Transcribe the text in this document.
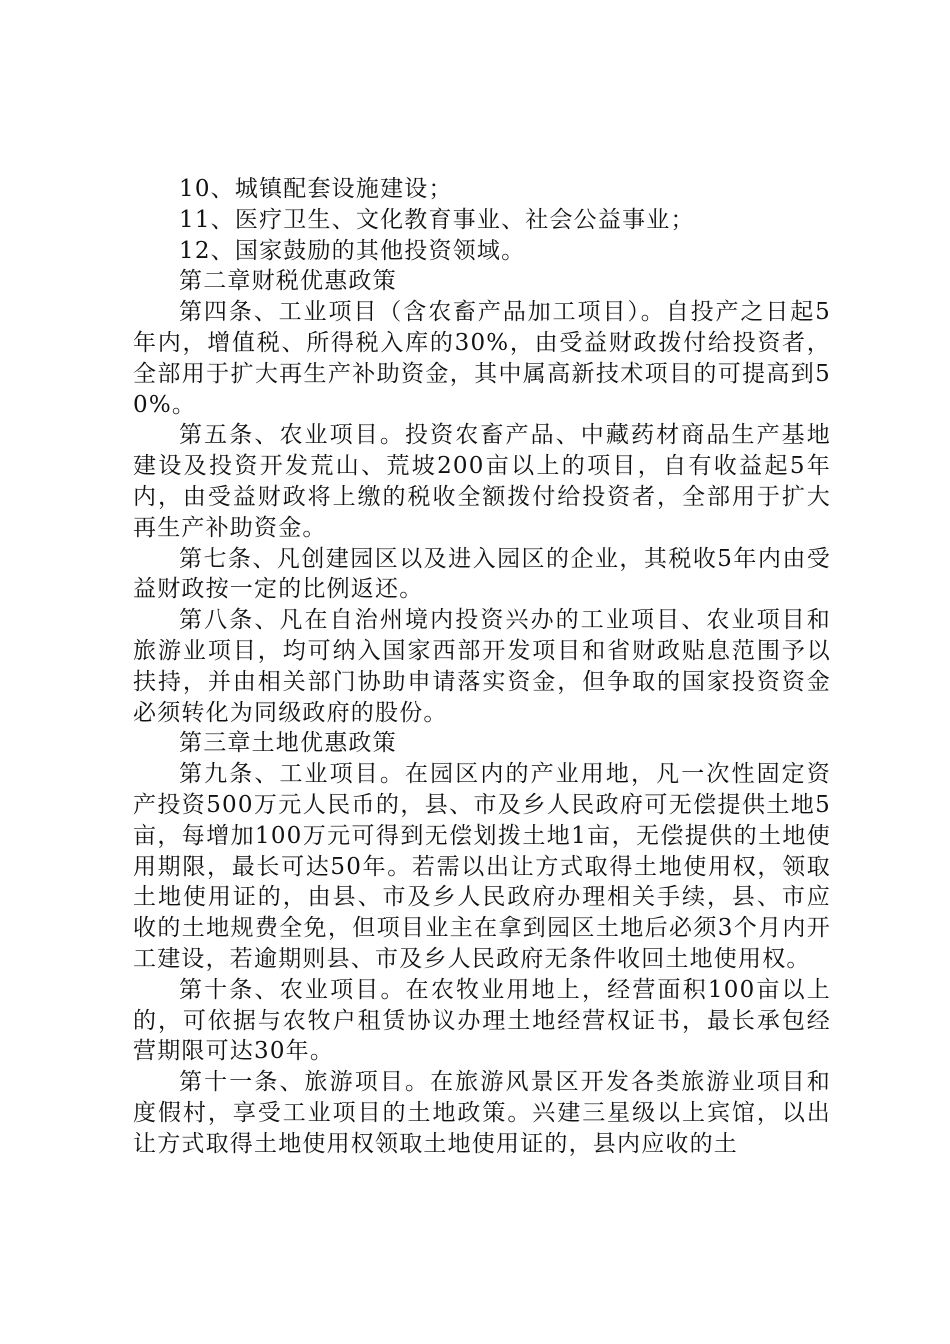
10、城镇配套设施建设；

11、医疗卫生、文化教育事业、社会公益事业；

12、国家鼓励的其他投资领域。

第二章财税优惠政策

第四条、工业项目（含农畜产品加工项目）。自投产之日起5年内，增值税、所得税入库的30%，由受益财政拨付给投资者，全部用于扩大再生产补助资金，其中属高新技术项目的可提高到50%。

第五条、农业项目。投资农畜产品、中藏药材商品生产基地建设及投资开发荒山、荒坡200亩以上的项目，自有收益起5年内，由受益财政将上缴的税收全额拨付给投资者，全部用于扩大再生产补助资金。

第七条、凡创建园区以及进入园区的企业，其税收5年内由受益财政按一定的比例返还。

第八条、凡在自治州境内投资兴办的工业项目、农业项目和旅游业项目，均可纳入国家西部开发项目和省财政贴息范围予以扶持，并由相关部门协助申请落实资金，但争取的国家投资资金必须转化为同级政府的股份。

第三章土地优惠政策

第九条、工业项目。在园区内的产业用地，凡一次性固定资产投资500万元人民币的，县、市及乡人民政府可无偿提供土地5亩，每增加100万元可得到无偿划拨土地1亩，无偿提供的土地使用期限，最长可达50年。若需以出让方式取得土地使用权，领取土地使用证的，由县、市及乡人民政府办理相关手续，县、市应收的土地规费全免，但项目业主在拿到园区土地后必须3个月内开工建设，若逾期则县、市及乡人民政府无条件收回土地使用权。

第十条、农业项目。在农牧业用地上，经营面积100亩以上的，可依据与农牧户租赁协议办理土地经营权证书，最长承包经营期限可达30年。

第十一条、旅游项目。在旅游风景区开发各类旅游业项目和度假村，享受工业项目的土地政策。兴建三星级以上宾馆，以出让方式取得土地使用权领取土地使用证的，县内应收的土
